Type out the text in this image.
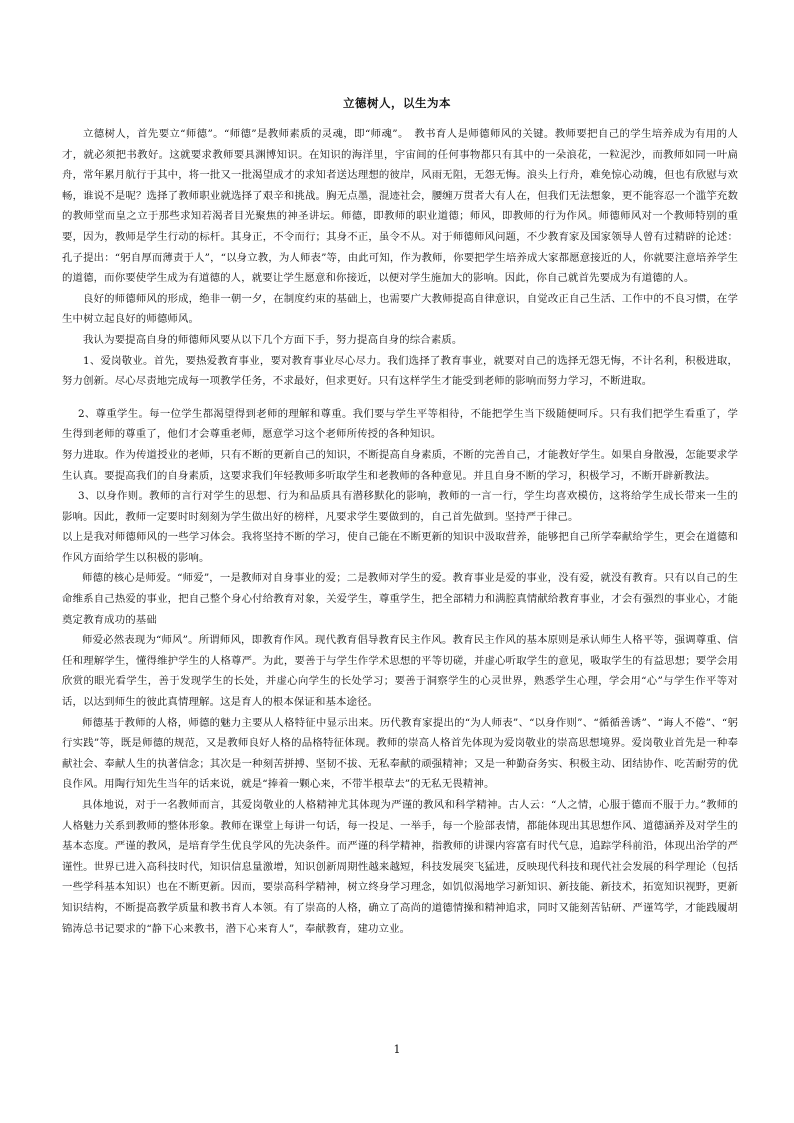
立德树人，以生为本

立德树人，首先要立“师德”。“师德”是教师素质的灵魂，即“师魂”。　教书育人是师德师风的关键。教师要把自己的学生培养成为有用的人才，就必须把书教好。这就要求教师要具渊博知识。在知识的海洋里，宇宙间的任何事物都只有其中的一朵浪花，一粒泥沙，而教师如同一叶扁舟，常年累月航行于其中，将一批又一批渴望成才的求知者送达理想的彼岸，风雨无阻，无怨无悔。浪头上行舟，难免惊心动魄，但也有欣慰与欢畅，谁说不是呢？选择了教师职业就选择了艰辛和挑战。胸无点墨，混迹社会，腰缠万贯者大有人在，但我们无法想象，更不能容忍一个滥竽充数的教师堂而皇之立于那些求知若渴者目光聚焦的神圣讲坛。师德，即教师的职业道德；师风，即教师的行为作风。师德师风对一个教师特别的重要，因为，教师是学生行动的标杆。其身正，不令而行；其身不正，虽令不从。对于师德师风问题，不少教育家及国家领导人曾有过精辟的论述：孔子提出：“躬自厚而薄责于人”，“以身立教，为人师表”等，由此可知，作为教师，你要把学生培养成大家都愿意接近的人，你就要注意培养学生的道德，而你要使学生成为有道德的人，就要让学生愿意和你接近，以便对学生施加大的影响。因此，你自己就首先要成为有道德的人。

良好的师德师风的形成，绝非一朝一夕，在制度约束的基础上，也需要广大教师提高自律意识，自觉改正自己生活、工作中的不良习惯，在学生中树立起良好的师德师风。

我认为要提高自身的师德师风要从以下几个方面下手，努力提高自身的综合素质。

1、爱岗敬业。首先，要热爱教育事业，要对教育事业尽心尽力。我们选择了教育事业，就要对自己的选择无怨无悔，不计名利，积极进取，努力创新。尽心尽责地完成每一项教学任务，不求最好，但求更好。只有这样学生才能受到老师的影响而努力学习，不断进取。

2、尊重学生。每一位学生都渴望得到老师的理解和尊重。我们要与学生平等相待，不能把学生当下级随便呵斥。只有我们把学生看重了，学生得到老师的尊重了，他们才会尊重老师，愿意学习这个老师所传授的各种知识。

努力进取。作为传道授业的老师，只有不断的更新自己的知识，不断提高自身素质，不断的完善自己，才能教好学生。如果自身散漫，怎能要求学生认真。要提高我们的自身素质，这要求我们年轻教师多听取学生和老教师的各种意见。并且自身不断的学习，积极学习，不断开辟新教法。

3、以身作则。教师的言行对学生的思想、行为和品质具有潜移默化的影响，教师的一言一行，学生均喜欢模仿，这将给学生成长带来一生的影响。因此，教师一定要时时刻刻为学生做出好的榜样，凡要求学生要做到的，自己首先做到。坚持严于律己。

以上是我对师德师风的一些学习体会。我将坚持不断的学习，使自己能在不断更新的知识中汲取营养，能够把自己所学奉献给学生，更会在道德和作风方面给学生以积极的影响。

师德的核心是师爱。“师爱”，一是教师对自身事业的爱；二是教师对学生的爱。教育事业是爱的事业，没有爱，就没有教育。只有以自己的生命维系自己热爱的事业，把自己整个身心付给教育对象，关爱学生，尊重学生，把全部精力和满腔真情献给教育事业，才会有强烈的事业心，才能奠定教育成功的基础

师爱必然表现为“师风”。所谓师风，即教育作风。现代教育倡导教育民主作风。教育民主作风的基本原则是承认师生人格平等，强调尊重、信任和理解学生，懂得维护学生的人格尊严。为此，要善于与学生作学术思想的平等切磋，并虚心听取学生的意见，吸取学生的有益思想；要学会用欣赏的眼光看学生，善于发现学生的长处，并虚心向学生的长处学习；要善于洞察学生的心灵世界，熟悉学生心理，学会用“心”与学生作平等对话，以达到师生的彼此真情理解。这是育人的根本保证和基本途径。

师德基于教师的人格，师德的魅力主要从人格特征中显示出来。历代教育家提出的“为人师表”、“以身作则”、“循循善诱”、“诲人不倦”、“躬行实践”等，既是师德的规范，又是教师良好人格的品格特征体现。教师的崇高人格首先体现为爱岗敬业的崇高思想境界。爱岗敬业首先是一种奉献社会、奉献人生的执著信念；其次是一种刻苦拼搏、坚韧不拔、无私奉献的顽强精神；又是一种勤奋务实、积极主动、团结协作、吃苦耐劳的优良作风。用陶行知先生当年的话来说，就是“捧着一颗心来，不带半根草去”的无私无畏精神。

具体地说，对于一名教师而言，其爱岗敬业的人格精神尤其体现为严谨的教风和科学精神。古人云：“人之情，心服于德而不服于力。”教师的人格魅力关系到教师的整体形象。教师在课堂上每讲一句话，每一投足、一举手，每一个脸部表情，都能体现出其思想作风、道德涵养及对学生的基本态度。严谨的教风，是培育学生优良学风的先决条件。而严谨的科学精神，指教师的讲课内容富有时代气息，追踪学科前沿，体现出治学的严谨性。世界已进入高科技时代，知识信息量激增，知识创新周期性越来越短，科技发展突飞猛进，反映现代科技和现代社会发展的科学理论（包括一些学科基本知识）也在不断更新。因而，要崇高科学精神，树立终身学习理念，如饥似渴地学习新知识、新技能、新技术，拓宽知识视野，更新知识结构，不断提高教学质量和教书育人本领。有了崇高的人格，确立了高尚的道德情操和精神追求，同时又能刻苦钻研、严谨笃学，才能践履胡锦涛总书记要求的“静下心来教书，潜下心来育人”，奉献教育，建功立业。

1
